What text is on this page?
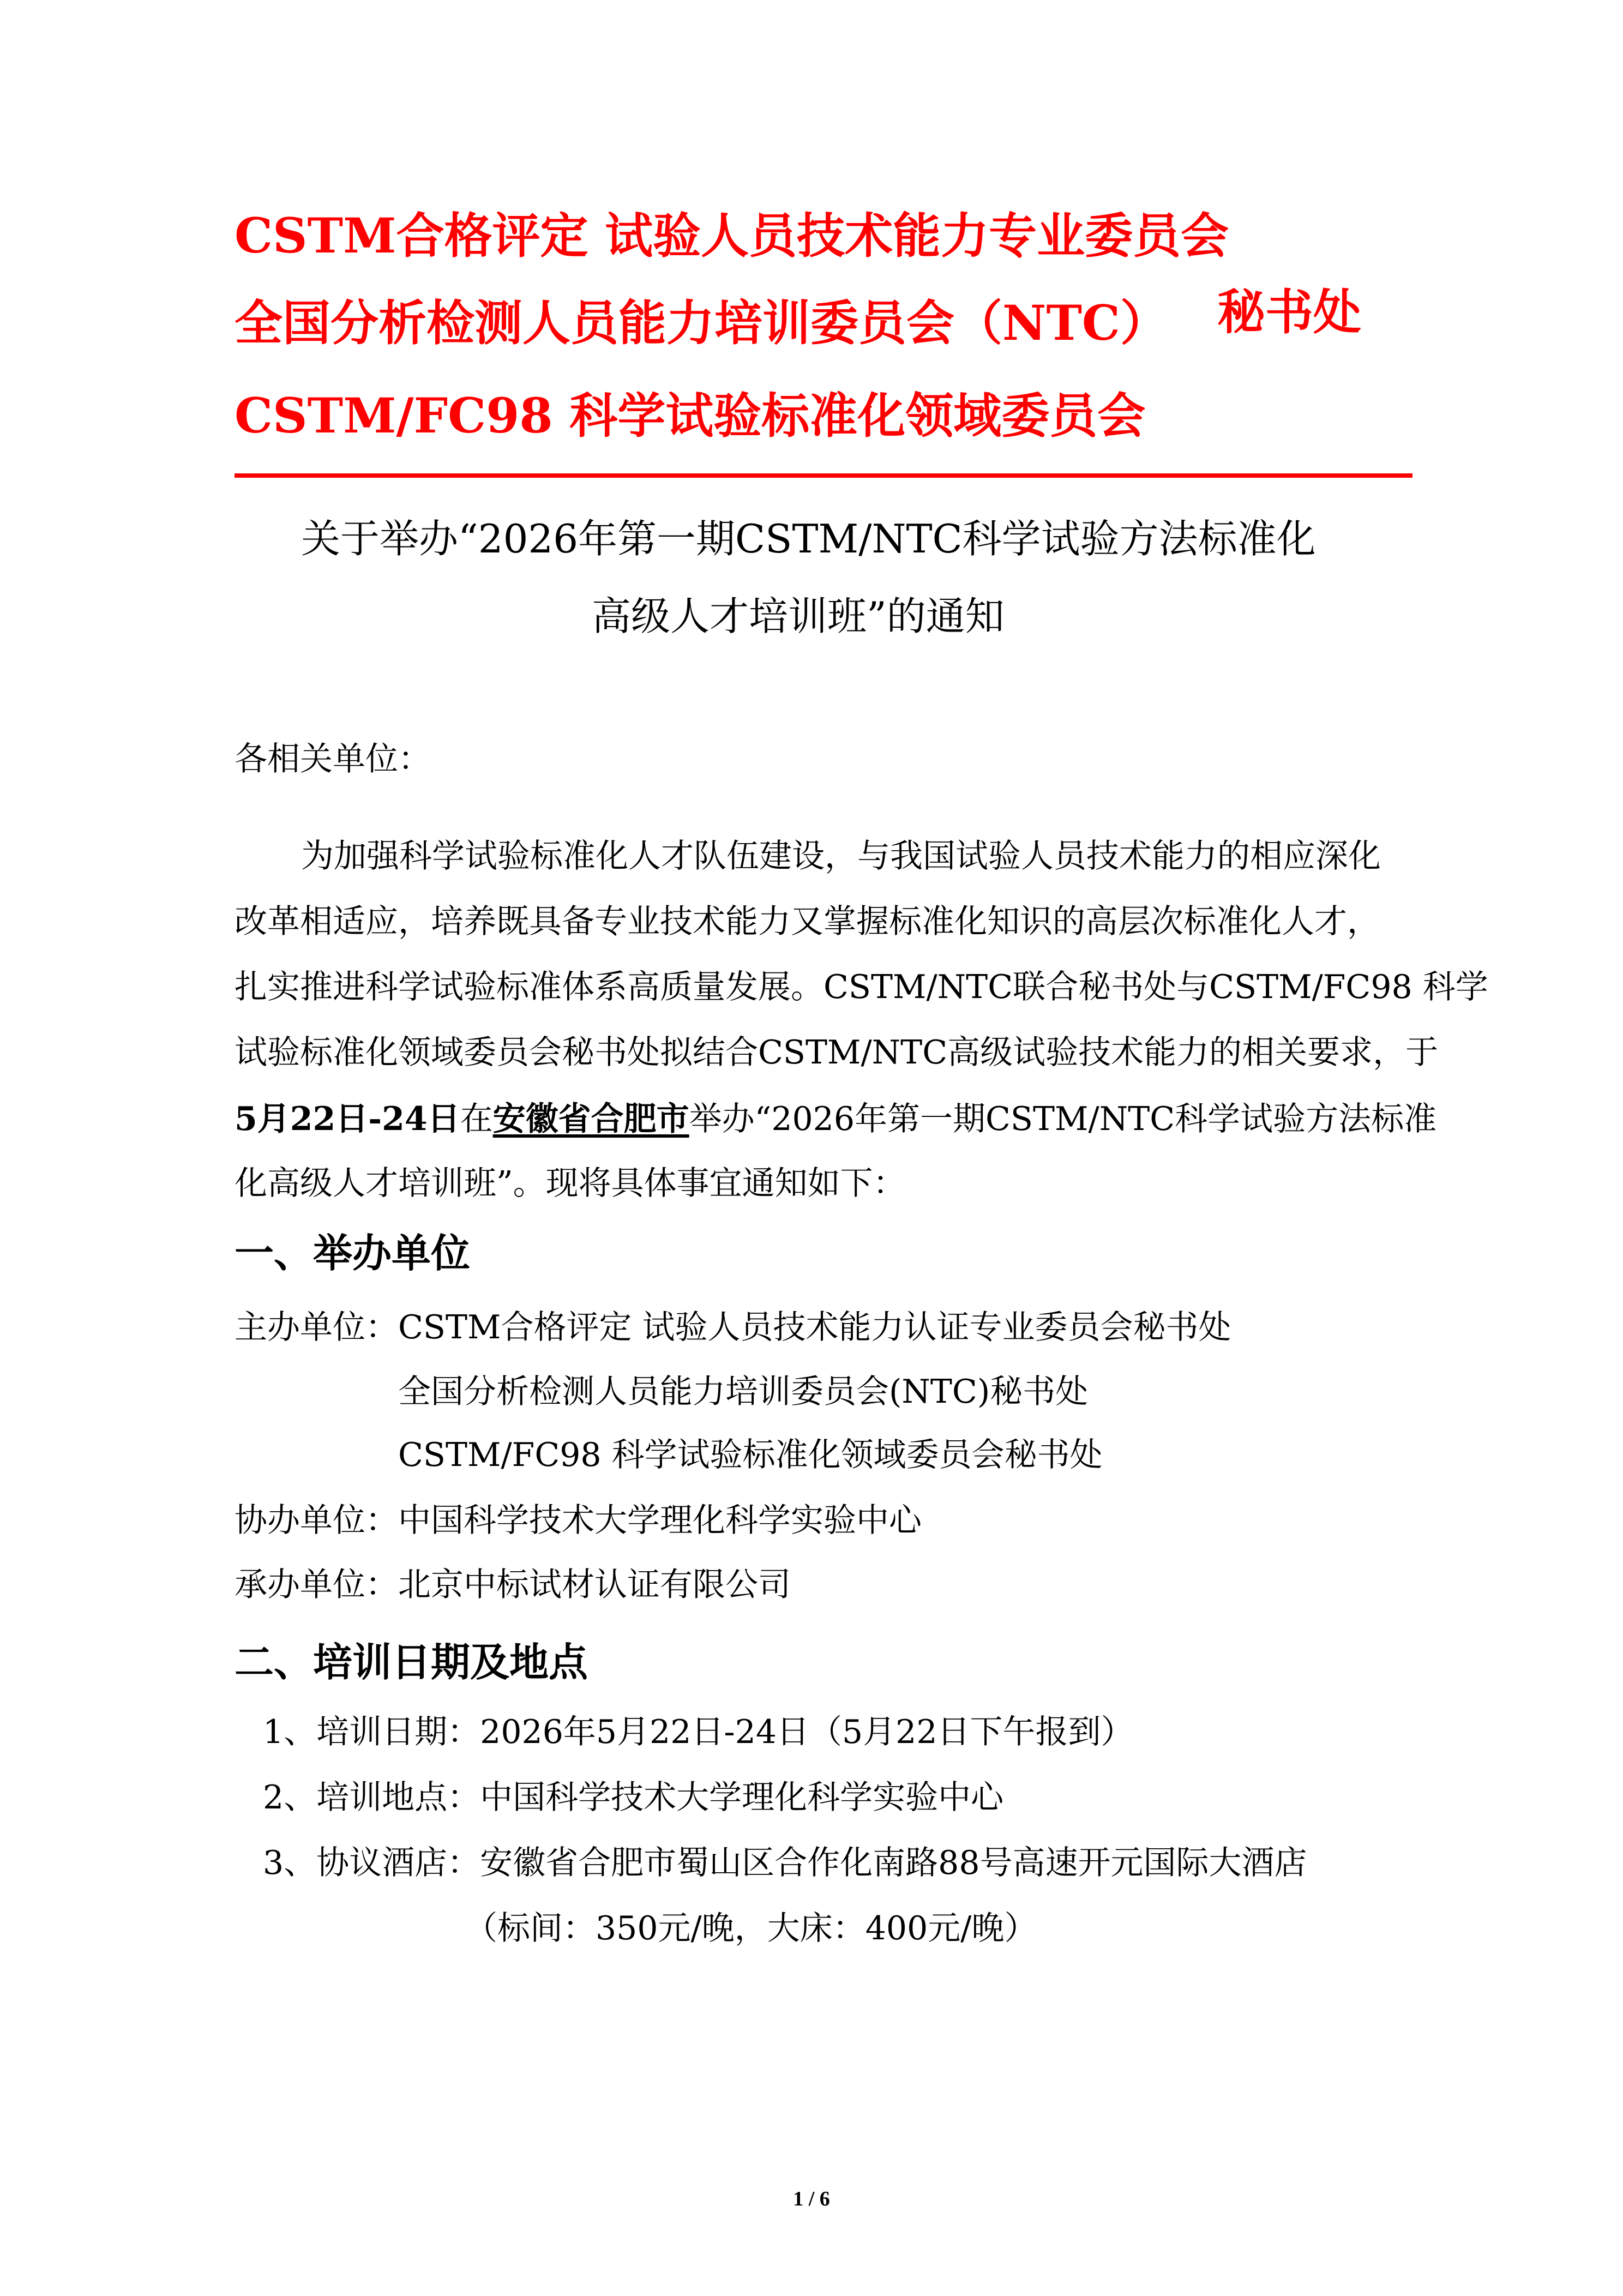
CSTM合格评定 试验人员技术能力专业委员会
全国分析检测人员能力培训委员会（NTC） 秘书处
CSTM/FC98 科学试验标准化领域委员会
关于举办“2026年第一期CSTM/NTC科学试验方法标准化
高级人才培训班”的通知
各相关单位：
为加强科学试验标准化人才队伍建设，与我国试验人员技术能力的相应深化
改革相适应，培养既具备专业技术能力又掌握标准化知识的高层次标准化人才，
扎实推进科学试验标准体系高质量发展。CSTM/NTC联合秘书处与CSTM/FC98 科学
试验标准化领域委员会秘书处拟结合CSTM/NTC高级试验技术能力的相关要求，于
5月22日-24日在安徽省合肥市举办“2026年第一期CSTM/NTC科学试验方法标准
化高级人才培训班”。现将具体事宜通知如下：
一、举办单位
主办单位：CSTM合格评定 试验人员技术能力认证专业委员会秘书处
全国分析检测人员能力培训委员会(NTC)秘书处
CSTM/FC98 科学试验标准化领域委员会秘书处
协办单位：中国科学技术大学理化科学实验中心
承办单位：北京中标试材认证有限公司
二、培训日期及地点
1、培训日期：2026年5月22日-24日（5月22日下午报到）
2、培训地点：中国科学技术大学理化科学实验中心
3、协议酒店：安徽省合肥市蜀山区合作化南路88号高速开元国际大酒店
（标间：350元/晚，大床：400元/晚）
1 / 6
